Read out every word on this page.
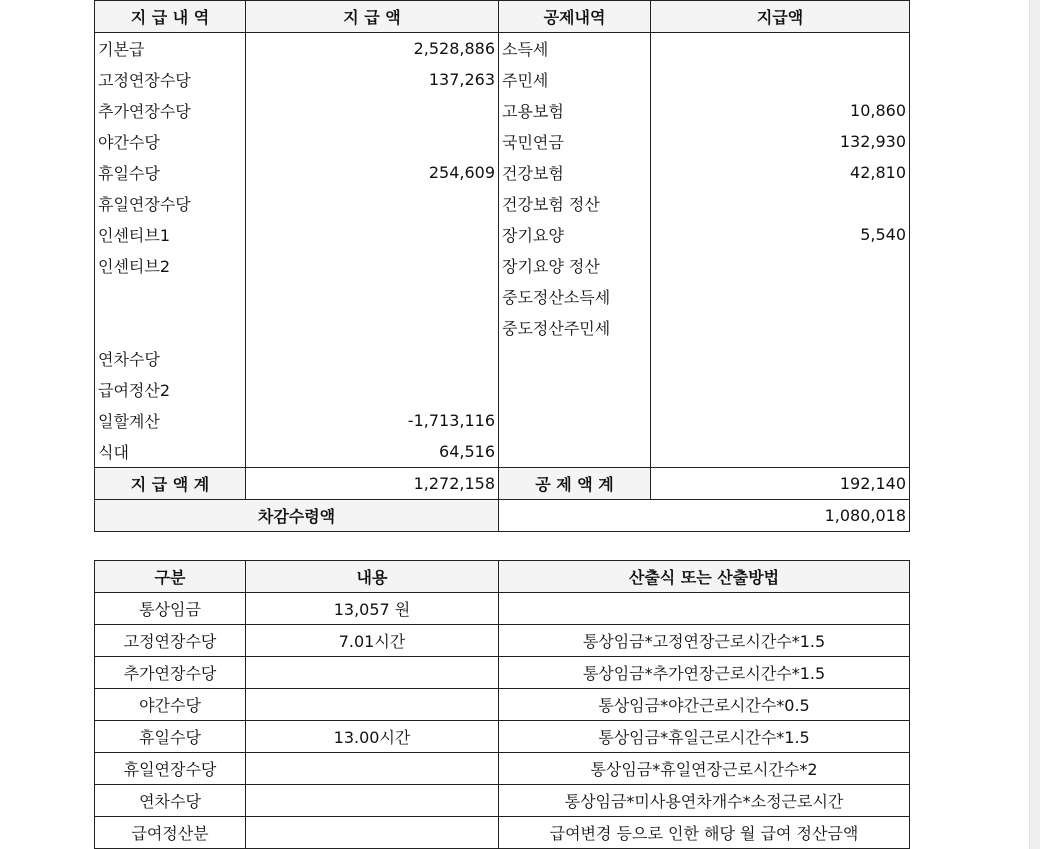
지 급 내 역	지 급 액	공제내역	지급액
기본급	2,528,886	소득세	
고정연장수당	137,263	주민세	
추가연장수당		고용보험	10,860
야간수당		국민연금	132,930
휴일수당	254,609	건강보험	42,810
휴일연장수당		건강보험 정산	
인센티브1		장기요양	5,540
인센티브2		장기요양 정산	
		중도정산소득세	
		중도정산주민세	
연차수당			
급여정산2			
일할계산	-1,713,116		
식대	64,516		
지 급 액 계	1,272,158	공 제 액 계	192,140
차감수령액		1,080,018	
구분	내용	산출식 또는 산출방법
통상임금	13,057 원	
고정연장수당	7.01시간	통상임금*고정연장근로시간수*1.5
추가연장수당		통상임금*추가연장근로시간수*1.5
야간수당		통상임금*야간근로시간수*0.5
휴일수당	13.00시간	통상임금*휴일근로시간수*1.5
휴일연장수당		통상임금*휴일연장근로시간수*2
연차수당		통상임금*미사용연차개수*소정근로시간
급여정산분		급여변경 등으로 인한 해당 월 급여 정산금액
